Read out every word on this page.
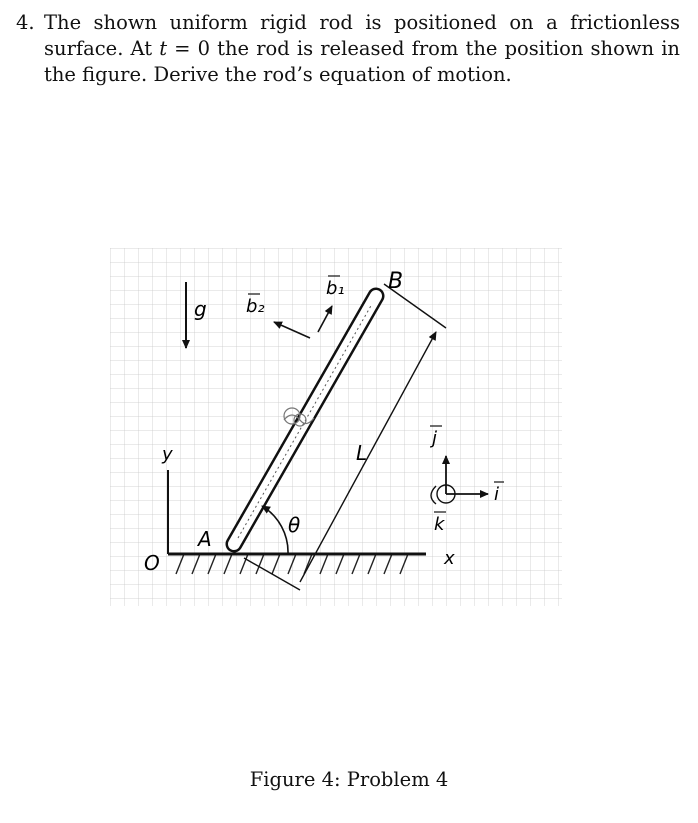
4. The shown uniform rigid rod is positioned on a frictionless surface. At t = 0 the rod is released from the position shown in the figure. Derive the rod’s equation of motion.
g
x
y
O
L
θ
A
B
b₁
b₂
j
i
k
Figure 4: Problem 4
